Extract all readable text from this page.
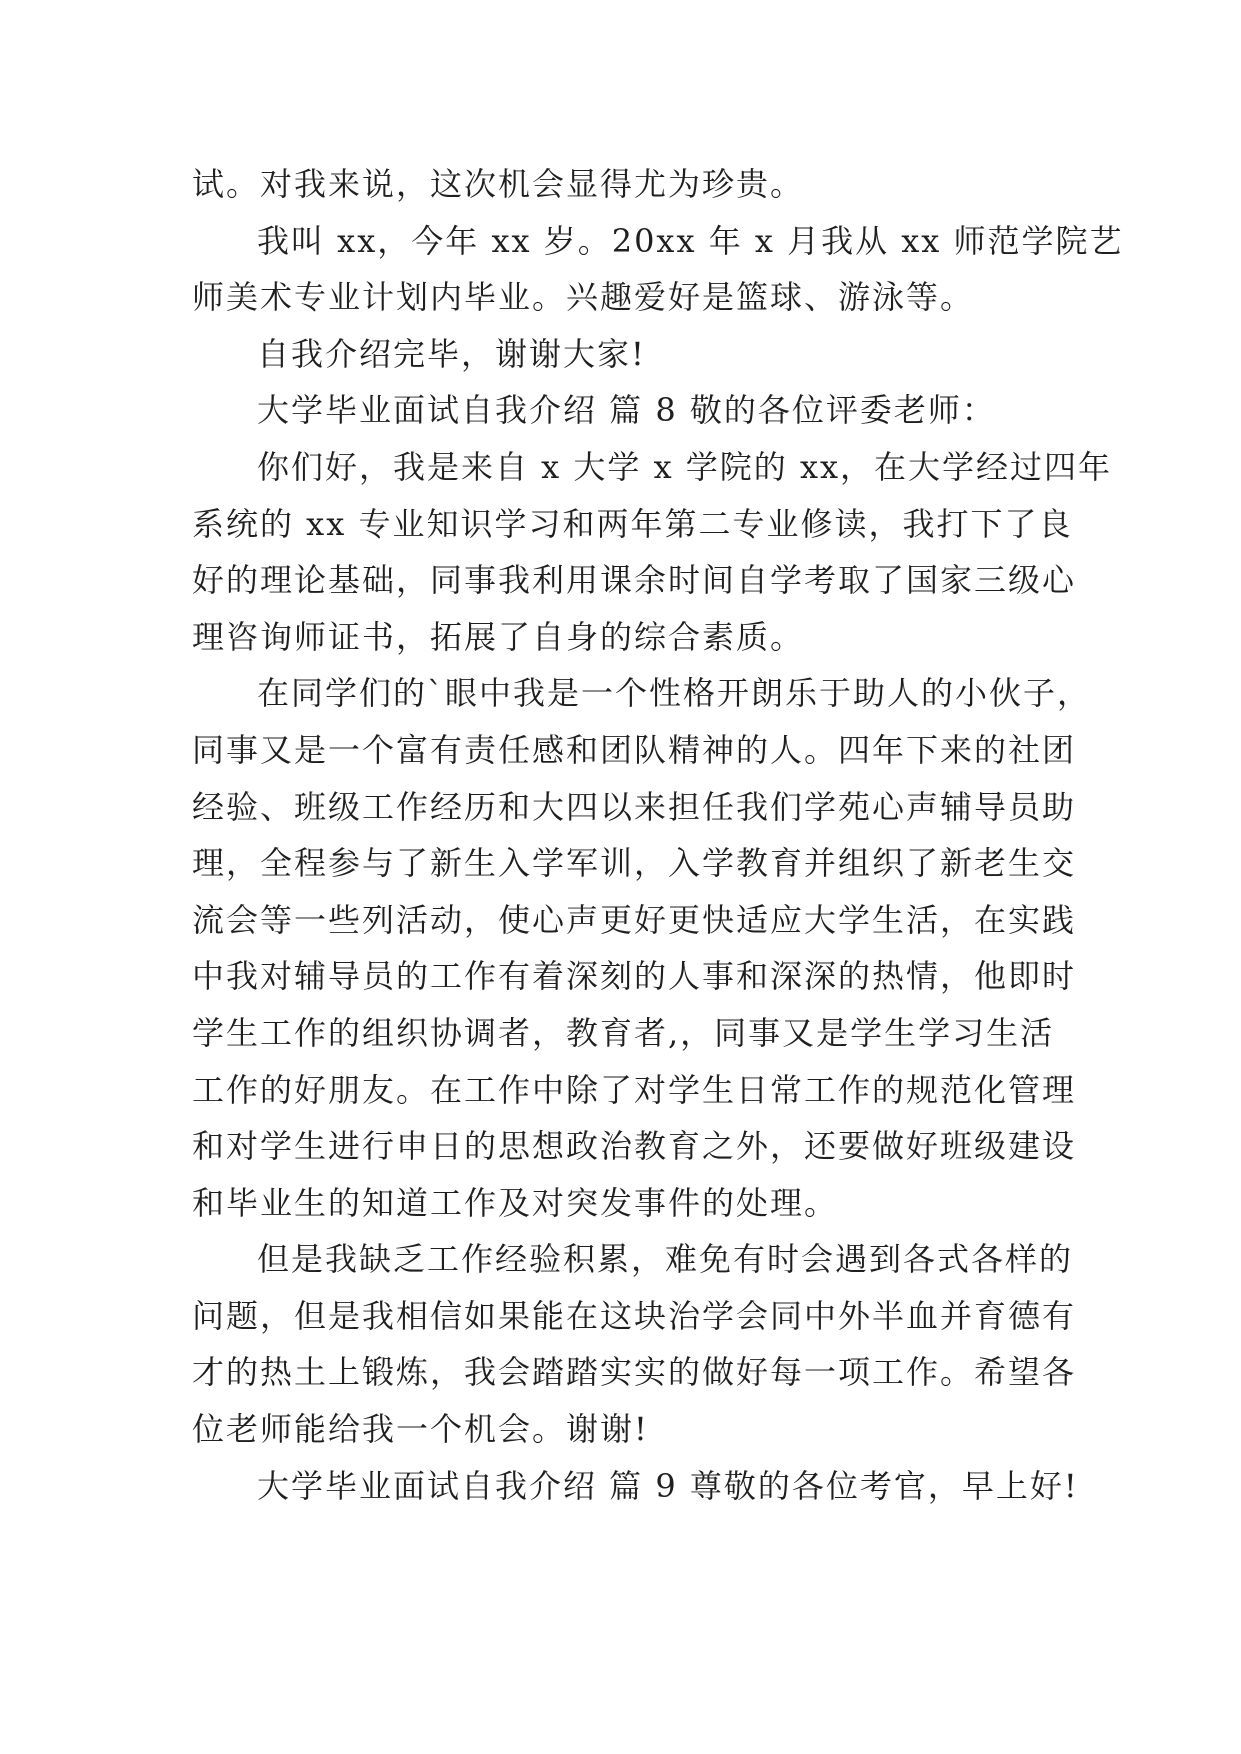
试。对我来说，这次机会显得尤为珍贵。
我叫 xx，今年 xx 岁。20xx 年 x 月我从 xx 师范学院艺
师美术专业计划内毕业。兴趣爱好是篮球、游泳等。
自我介绍完毕，谢谢大家!
大学毕业面试自我介绍 篇 8 敬的各位评委老师：
你们好，我是来自 x 大学 x 学院的 xx，在大学经过四年
系统的 xx 专业知识学习和两年第二专业修读，我打下了良
好的理论基础，同事我利用课余时间自学考取了国家三级心
理咨询师证书，拓展了自身的综合素质。
在同学们的`眼中我是一个性格开朗乐于助人的小伙子，
同事又是一个富有责任感和团队精神的人。四年下来的社团
经验、班级工作经历和大四以来担任我们学苑心声辅导员助
理，全程参与了新生入学军训，入学教育并组织了新老生交
流会等一些列活动，使心声更好更快适应大学生活，在实践
中我对辅导员的工作有着深刻的人事和深深的热情，他即时
学生工作的组织协调者，教育者,，同事又是学生学习生活
工作的好朋友。在工作中除了对学生日常工作的规范化管理
和对学生进行申日的思想政治教育之外，还要做好班级建设
和毕业生的知道工作及对突发事件的处理。
但是我缺乏工作经验积累，难免有时会遇到各式各样的
问题，但是我相信如果能在这块治学会同中外半血并育德有
才的热土上锻炼，我会踏踏实实的做好每一项工作。希望各
位老师能给我一个机会。谢谢!
大学毕业面试自我介绍 篇 9 尊敬的各位考官，早上好!
